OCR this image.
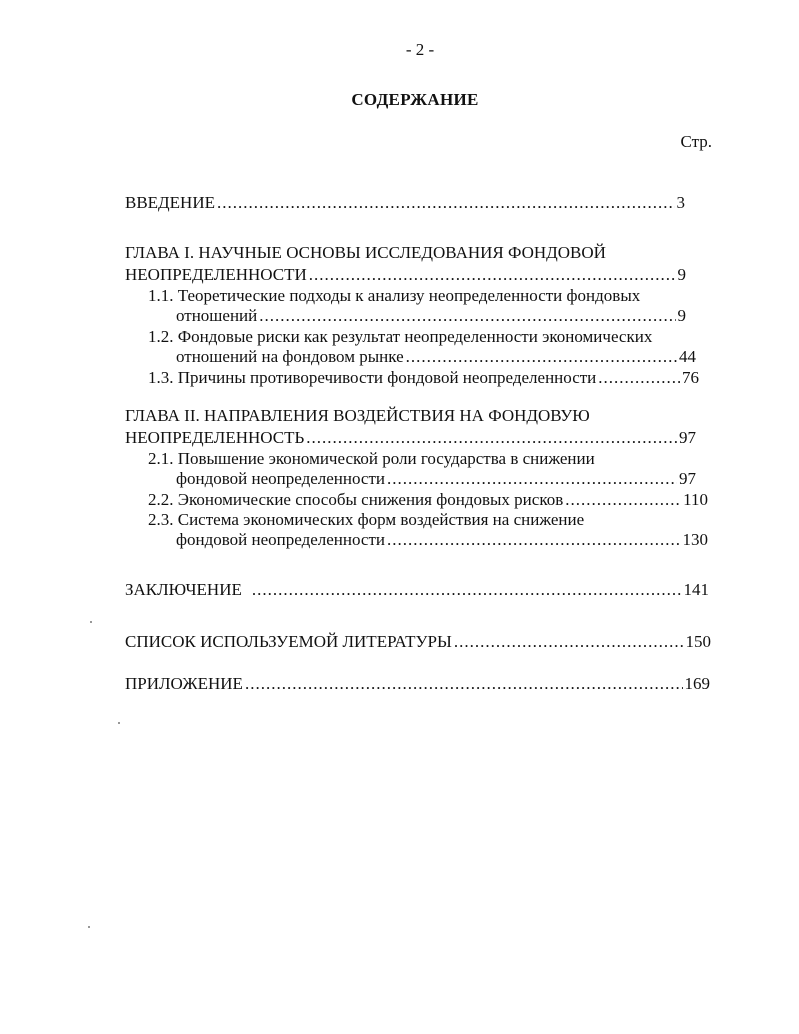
- 2 -
СОДЕРЖАНИЕ
Стр.
ВВЕДЕНИЕ .....	3
ГЛАВА I. НАУЧНЫЕ ОСНОВЫ ИССЛЕДОВАНИЯ ФОНДОВОЙ
НЕОПРЕДЕЛЕННОСТИ .....	9
1.1. Теоретические подходы к анализу неопределенности фондовых
отношений .....	9
1.2. Фондовые риски как результат неопределенности экономических
отношений на фондовом рынке .....	44
1.3. Причины противоречивости фондовой неопределенности .....	76
ГЛАВА II. НАПРАВЛЕНИЯ ВОЗДЕЙСТВИЯ НА ФОНДОВУЮ
НЕОПРЕДЕЛЕННОСТЬ .....	97
2.1. Повышение экономической роли государства в снижении
фондовой неопределенности .....	97
2.2. Экономические способы снижения фондовых рисков .....	110
2.3. Система экономических форм воздействия на снижение
фондовой неопределенности .....	130
ЗАКЛЮЧЕНИЕ .....	141
СПИСОК ИСПОЛЬЗУЕМОЙ ЛИТЕРАТУРЫ .....	150
ПРИЛОЖЕНИЕ .....	169
